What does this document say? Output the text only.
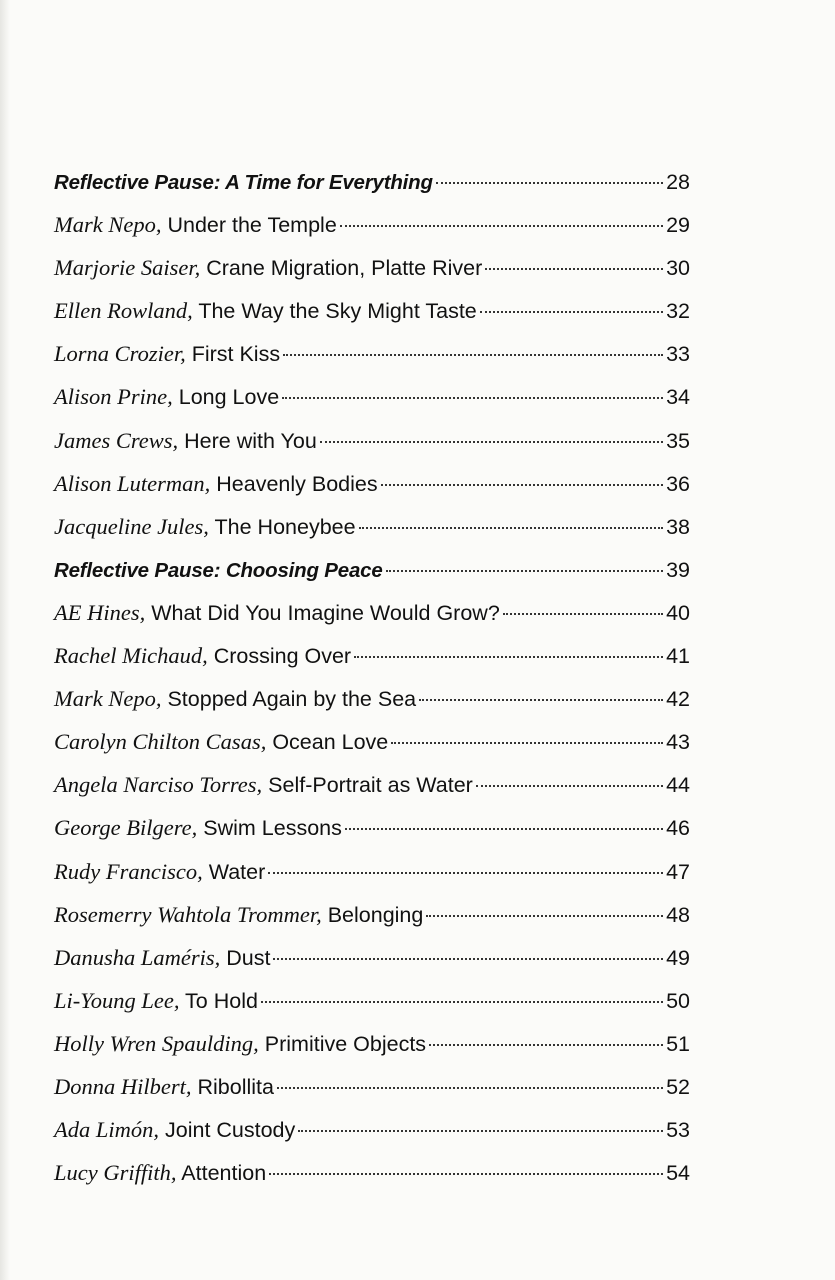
Reflective Pause: A Time for Everything	28
Mark Nepo, Under the Temple	29
Marjorie Saiser, Crane Migration, Platte River	30
Ellen Rowland, The Way the Sky Might Taste	32
Lorna Crozier, First Kiss	33
Alison Prine, Long Love	34
James Crews, Here with You	35
Alison Luterman, Heavenly Bodies	36
Jacqueline Jules, The Honeybee	38
Reflective Pause: Choosing Peace	39
AE Hines, What Did You Imagine Would Grow?	40
Rachel Michaud, Crossing Over	41
Mark Nepo, Stopped Again by the Sea	42
Carolyn Chilton Casas, Ocean Love	43
Angela Narciso Torres, Self-Portrait as Water	44
George Bilgere, Swim Lessons	46
Rudy Francisco, Water	47
Rosemerry Wahtola Trommer, Belonging	48
Danusha Laméris, Dust	49
Li-Young Lee, To Hold	50
Holly Wren Spaulding, Primitive Objects	51
Donna Hilbert, Ribollita	52
Ada Limón, Joint Custody	53
Lucy Griffith, Attention	54
